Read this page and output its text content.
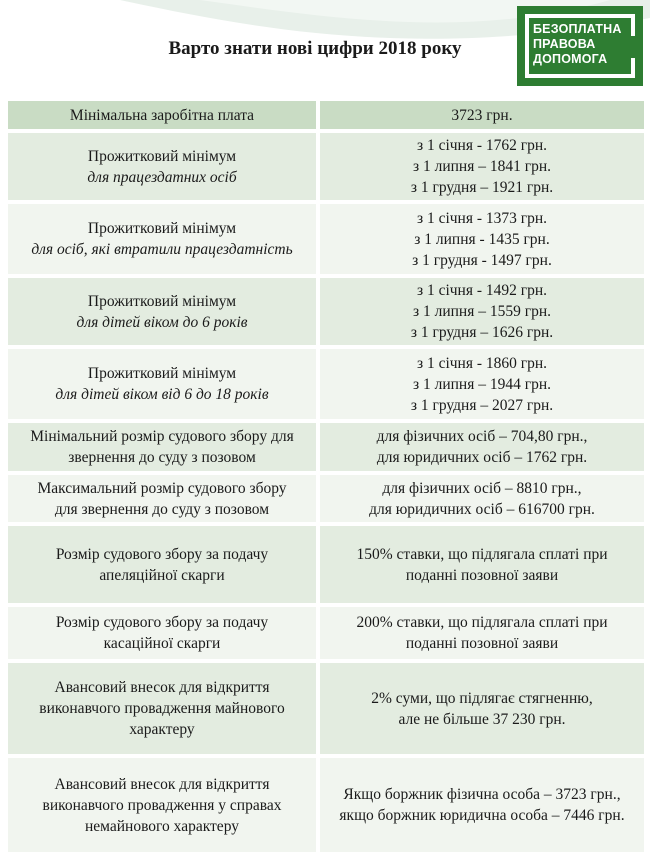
Варто знати нові цифри 2018 року
БЕЗОПЛАТНА
ПРАВОВА
ДОПОМОГА
Мінімальна заробітна плата	3723 грн.
Прожитковий мінімум
для працездатних осіб
з 1 січня - 1762 грн.
з 1 липня – 1841 грн.
з 1 грудня – 1921 грн.
Прожитковий мінімум
для осіб, які втратили працездатність
з 1 січня - 1373 грн.
з 1 липня - 1435 грн.
з 1 грудня - 1497 грн.
Прожитковий мінімум
для дітей віком до 6 років
з 1 січня - 1492 грн.
з 1 липня – 1559 грн.
з 1 грудня – 1626 грн.
Прожитковий мінімум
для дітей віком від 6 до 18 років
з 1 січня - 1860 грн.
з 1 липня – 1944 грн.
з 1 грудня – 2027 грн.
Мінімальний розмір судового збору для
звернення до суду з позовом
для фізичних осіб – 704,80 грн.,
для юридичних осіб – 1762 грн.
Максимальний розмір судового збору
для звернення до суду з позовом
для фізичних осіб – 8810 грн.,
для юридичних осіб – 616700 грн.
Розмір судового збору за подачу
апеляційної скарги
150% ставки, що підлягала сплаті при
поданні позовної заяви
Розмір судового збору за подачу
касаційної скарги
200% ставки, що підлягала сплаті при
поданні позовної заяви
Авансовий внесок для відкриття
виконавчого провадження майнового
характеру
2% суми, що підлягає стягненню,
але не більше 37 230 грн.
Авансовий внесок для відкриття
виконавчого провадження у справах
немайнового характеру
Якщо боржник фізична особа – 3723 грн.,
якщо боржник юридична особа – 7446 грн.
